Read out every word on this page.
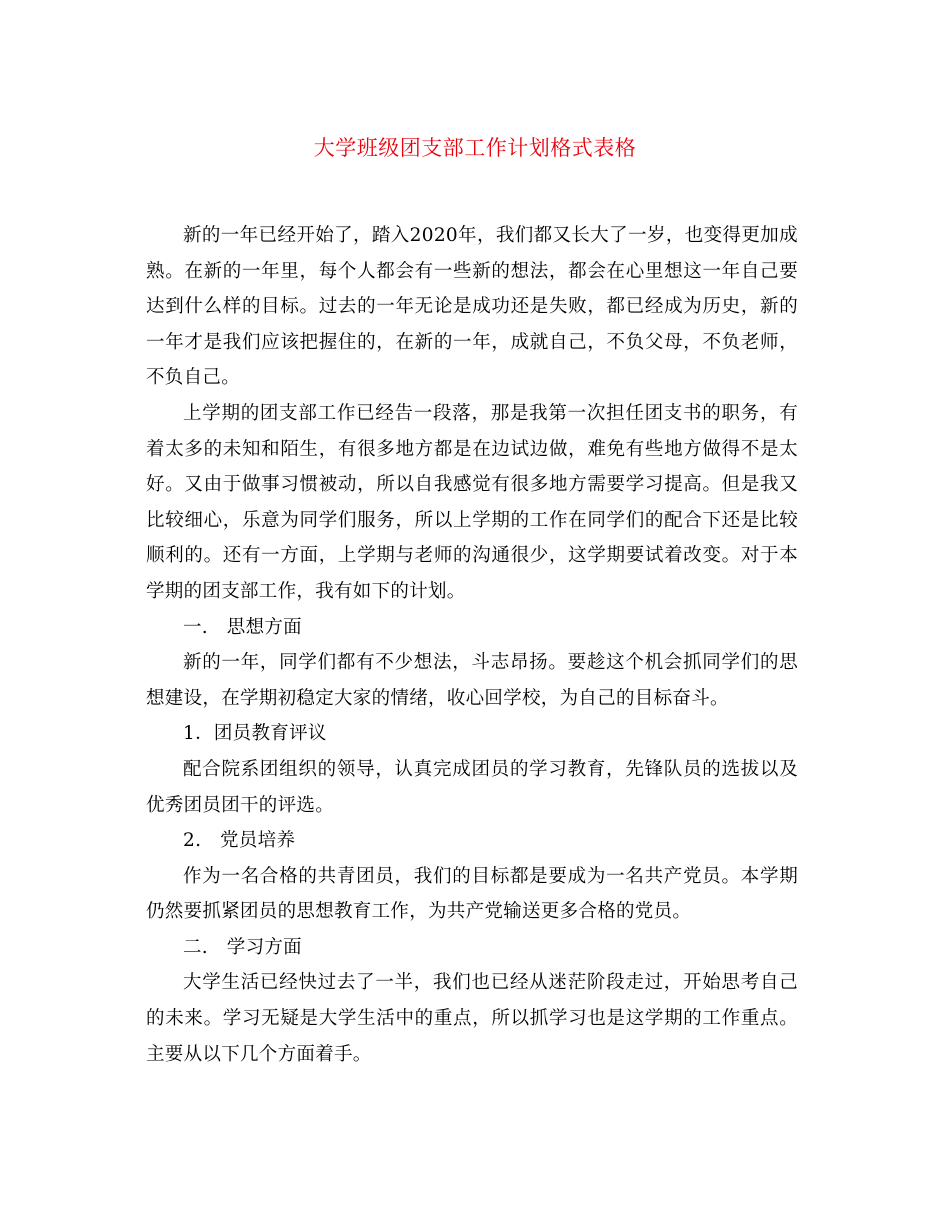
大学班级团支部工作计划格式表格

新的一年已经开始了，踏入2020年，我们都又长大了一岁，也变得更加成熟。在新的一年里，每个人都会有一些新的想法，都会在心里想这一年自己要达到什么样的目标。过去的一年无论是成功还是失败，都已经成为历史，新的一年才是我们应该把握住的，在新的一年，成就自己，不负父母，不负老师，不负自己。

上学期的团支部工作已经告一段落，那是我第一次担任团支书的职务，有着太多的未知和陌生，有很多地方都是在边试边做，难免有些地方做得不是太好。又由于做事习惯被动，所以自我感觉有很多地方需要学习提高。但是我又比较细心，乐意为同学们服务，所以上学期的工作在同学们的配合下还是比较顺利的。还有一方面，上学期与老师的沟通很少，这学期要试着改变。对于本学期的团支部工作，我有如下的计划。

一.　思想方面

新的一年，同学们都有不少想法，斗志昂扬。要趁这个机会抓同学们的思想建设，在学期初稳定大家的情绪，收心回学校，为自己的目标奋斗。

1．团员教育评议

配合院系团组织的领导，认真完成团员的学习教育，先锋队员的选拔以及优秀团员团干的评选。

2.　党员培养

作为一名合格的共青团员，我们的目标都是要成为一名共产党员。本学期仍然要抓紧团员的思想教育工作，为共产党输送更多合格的党员。

二.　学习方面

大学生活已经快过去了一半，我们也已经从迷茫阶段走过，开始思考自己的未来。学习无疑是大学生活中的重点，所以抓学习也是这学期的工作重点。主要从以下几个方面着手。
